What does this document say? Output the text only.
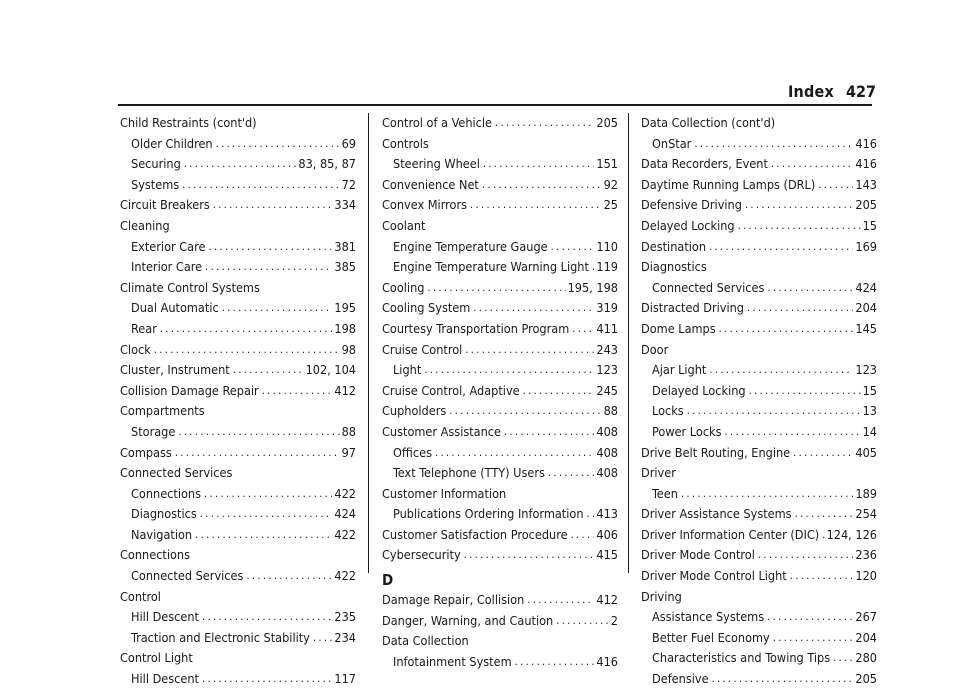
Index 427
Child Restraints (cont'd)
Older Children . . .	69
Securing . . .	83, 85, 87
Systems . . .	72
Circuit Breakers . . .	334
Cleaning
Exterior Care . . .	381
Interior Care . . .	385
Climate Control Systems
Dual Automatic . . .	195
Rear . . .	198
Clock . . .	98
Cluster, Instrument . . .	102, 104
Collision Damage Repair . . .	412
Compartments
Storage . . .	88
Compass . . .	97
Connected Services
Connections . . .	422
Diagnostics . . .	424
Navigation . . .	422
Connections
Connected Services . . .	422
Control
Hill Descent . . .	235
Traction and Electronic Stability . . . 234
Control Light
Hill Descent . . .	117
Control of a Vehicle . . .	205
Controls
Steering Wheel . . .	151
Convenience Net . . .	92
Convex Mirrors . . .	25
Coolant
Engine Temperature Gauge . . .	110
Engine Temperature Warning Light . . . 119
Cooling . . .	195, 198
Cooling System . . .	319
Courtesy Transportation Program . . . 411
Cruise Control . . .	243
Light . . .	123
Cruise Control, Adaptive . . .	245
Cupholders . . .	88
Customer Assistance . . .	408
Offices . . .	408
Text Telephone (TTY) Users . . .	408
Customer Information
Publications Ordering Information . . . 413
Customer Satisfaction Procedure . . . 406
Cybersecurity . . .	415
D
Damage Repair, Collision . . .	412
Danger, Warning, and Caution . . .	2
Data Collection
Infotainment System . . .	416
Data Collection (cont'd)
OnStar . . .	416
Data Recorders, Event . . .	416
Daytime Running Lamps (DRL) . . .	143
Defensive Driving . . .	205
Delayed Locking . . .	15
Destination . . .	169
Diagnostics
Connected Services . . .	424
Distracted Driving . . .	204
Dome Lamps . . .	145
Door
Ajar Light . . .	123
Delayed Locking . . .	15
Locks . . .	13
Power Locks . . .	14
Drive Belt Routing, Engine . . .	405
Driver
Teen . . .	189
Driver Assistance Systems . . .	254
Driver Information Center (DIC) . . . 124, 126
Driver Mode Control . . .	236
Driver Mode Control Light . . .	120
Driving
Assistance Systems . . .	267
Better Fuel Economy . . .	204
Characteristics and Towing Tips . . . 280
Defensive . . .	205
